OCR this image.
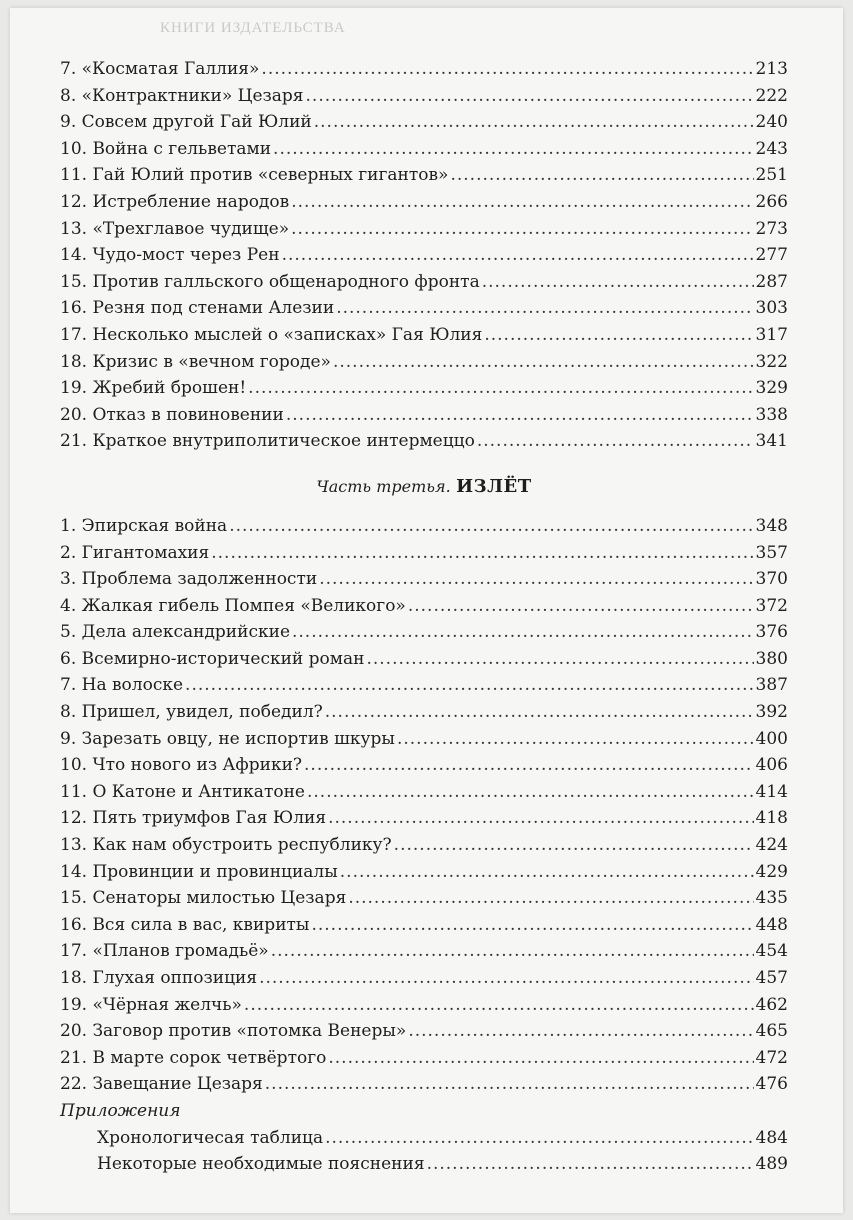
КНИГИ ИЗДАТЕЛЬСТВА
7. «Косматая Галлия» .....	213
8. «Контрактники» Цезаря .....	222
9. Совсем другой Гай Юлий .....	240
10. Война с гельветами .....	243
11. Гай Юлий против «северных гигантов» .....	251
12. Истребление народов .....	266
13. «Трехглавое чудище» .....	273
14. Чудо-мост через Рен .....	277
15. Против галльского общенародного фронта .....	287
16. Резня под стенами Алезии .....	303
17. Несколько мыслей о «записках» Гая Юлия .....	317
18. Кризис в «вечном городе» .....	322
19. Жребий брошен! .....	329
20. Отказ в повиновении .....	338
21. Краткое внутриполитическое интермеццо .....	341
Часть третья. ИЗЛЁТ
1. Эпирская война .....	348
2. Гигантомахия .....	357
3. Проблема задолженности .....	370
4. Жалкая гибель Помпея «Великого» .....	372
5. Дела александрийские .....	376
6. Всемирно-исторический роман .....	380
7. На волоске .....	387
8. Пришел, увидел, победил? .....	392
9. Зарезать овцу, не испортив шкуры .....	400
10. Что нового из Африки? .....	406
11. О Катоне и Антикатоне .....	414
12. Пять триумфов Гая Юлия .....	418
13. Как нам обустроить республику? .....	424
14. Провинции и провинциалы .....	429
15. Сенаторы милостью Цезаря .....	435
16. Вся сила в вас, квириты .....	448
17. «Планов громадьё» .....	454
18. Глухая оппозиция .....	457
19. «Чёрная желчь» .....	462
20. Заговор против «потомка Венеры» .....	465
21. В марте сорок четвёртого .....	472
22. Завещание Цезаря .....	476
Приложения
Хронологичесая таблица .....	484
Некоторые необходимые пояснения .....	489
